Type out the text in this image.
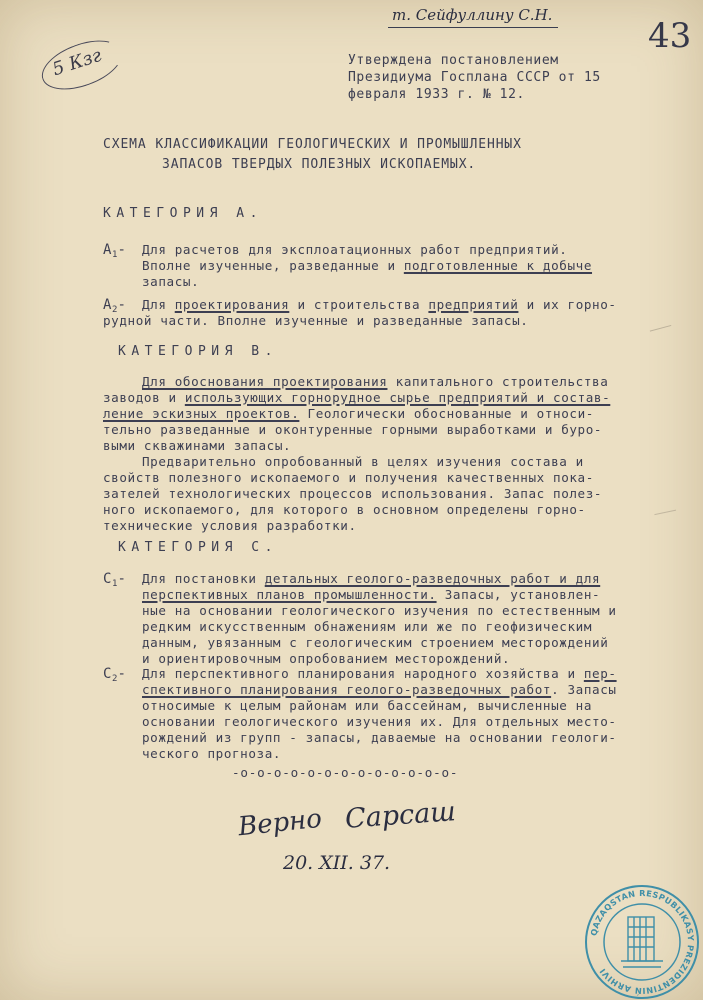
т. Сейфуллину С.Н.
43
5 Кзг	Утверждена постановлением
Президиума Госплана СССР от 15
февраля 1933 г. № 12.
СХЕМА КЛАССИФИКАЦИИ ГЕОЛОГИЧЕСКИХ И ПРОМЫШЛЕННЫХ
ЗАПАСОВ ТВЕРДЫХ ПОЛЕЗНЫХ ИСКОПАЕМЫХ.
КАТЕГОРИЯ А.
$А_1-$ Для расчетов для эксплоатационных работ предприятий.
Вполне изученные, разведанные и подготовленные к добыче
запасы.
$А_2-$ Для проектирования и строительства предприятий и их горно-
рудной части. Вполне изученные и разведанные запасы.
КАТЕГОРИЯ В.
Для обоснования проектирования капитального строительства
заводов и использующих горнорудное сырье предприятий и состав-
ление эскизных проектов. Геологически обоснованные и относи-
тельно разведанные и оконтуренные горными выработками и буро-
выми скважинами запасы.
Предварительно опробованный в целях изучения состава и
свойств полезного ископаемого и получения качественных пока-
зателей технологических процессов использования. Запас полез-
ного ископаемого, для которого в основном определены горно-
технические условия разработки.
КАТЕГОРИЯ С.
$С_1-$ Для постановки детальных геолого-разведочных работ и для
перспективных планов промышленности. Запасы, установлен-
ные на основании геологического изучения по естественным и
редким искусственным обнажениям или же по геофизическим
данным, увязанным с геологическим строением месторождений
и ориентировочным опробованием месторождений.
$С_2-$ Для перспективного планирования народного хозяйства и пер-
спективного планирования геолого-разведочных работ. Запасы
относимые к целым районам или бассейнам, вычисленные на
основании геологического изучения их. Для отдельных место-
рождений из групп - запасы, даваемые на основании геологи-
ческого прогноза.
-о-о-о-о-о-о-о-о-о-о-о-о-о-
Верно Сарсаш
20. XII. 37.
QAZAQSTAN RESPUBLIKASY PREZIDENTINIŃ ARHIVI
